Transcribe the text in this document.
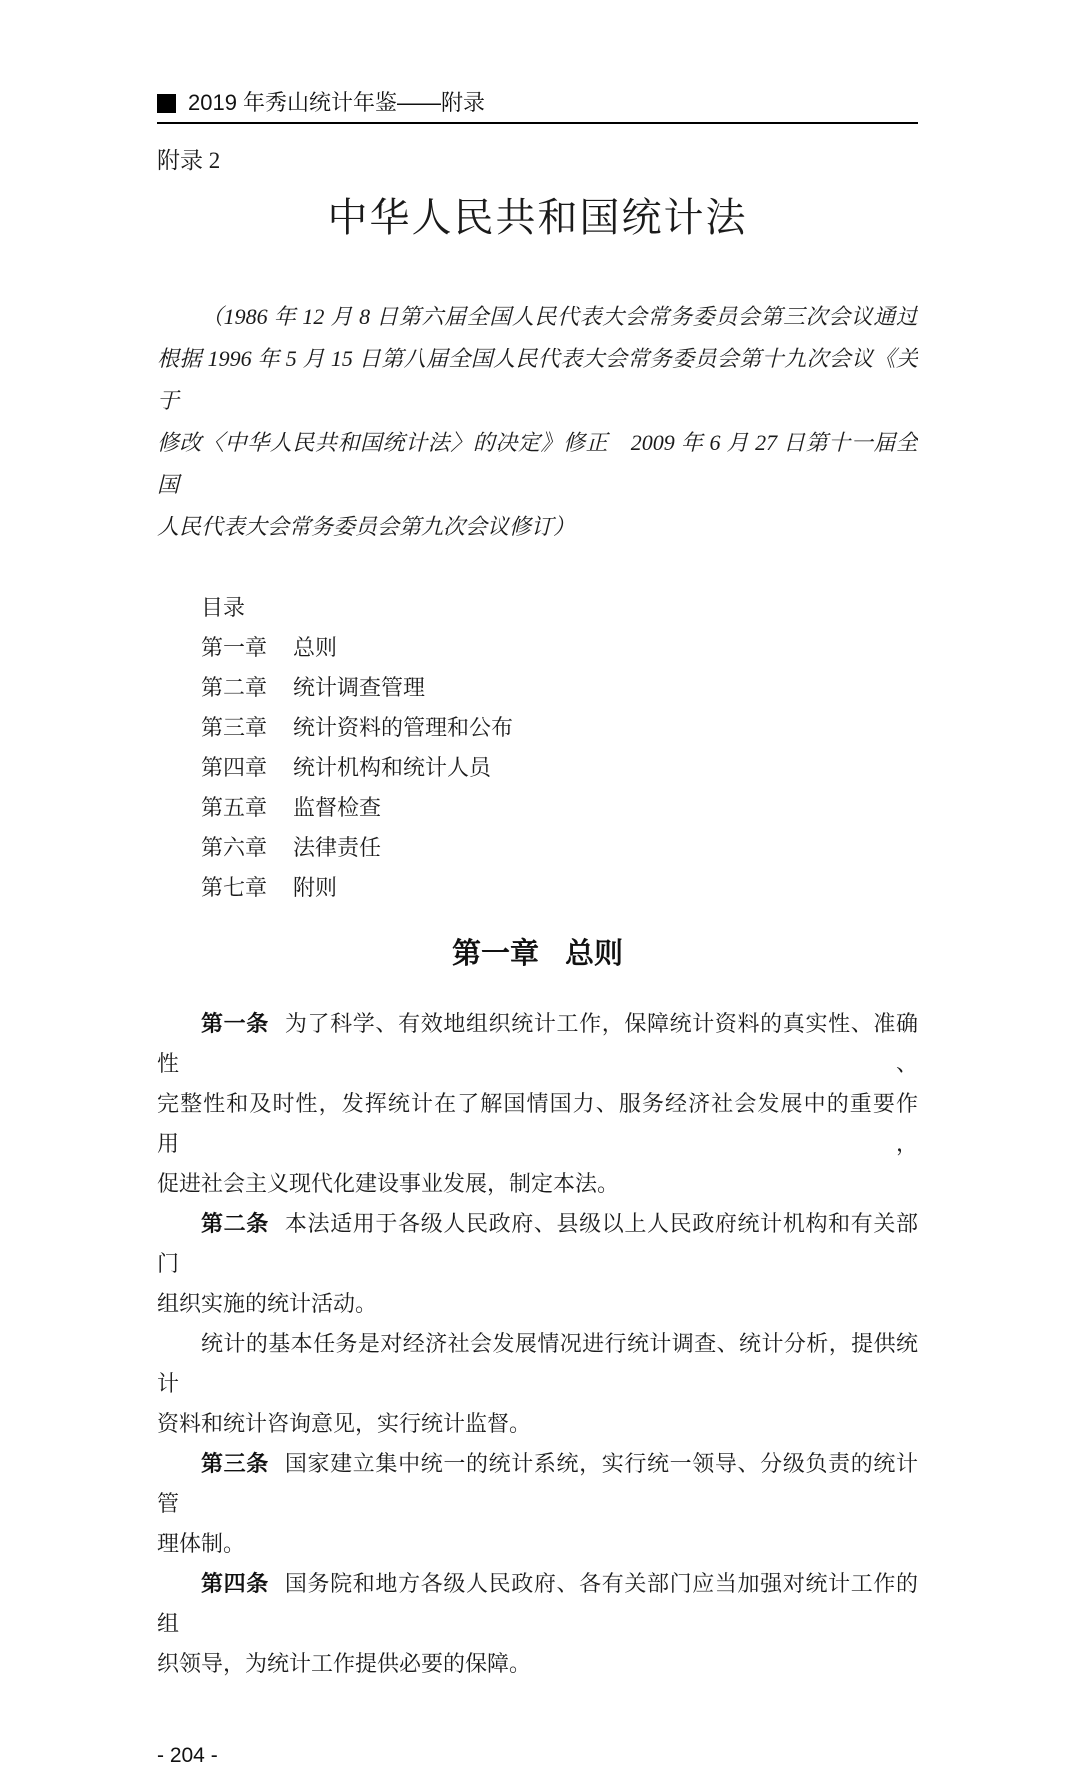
2019 年秀山统计年鉴——附录
附录 2
中华人民共和国统计法
（1986 年 12 月 8 日第六届全国人民代表大会常务委员会第三次会议通过
根据 1996 年 5 月 15 日第八届全国人民代表大会常务委员会第十九次会议《关于
修改〈中华人民共和国统计法〉的决定》修正　2009 年 6 月 27 日第十一届全国
人民代表大会常务委员会第九次会议修订）
目录
第一章 总则
第二章 统计调查管理
第三章 统计资料的管理和公布
第四章 统计机构和统计人员
第五章 监督检查
第六章 法律责任
第七章 附则
第一章 总则
第一条 为了科学、有效地组织统计工作，保障统计资料的真实性、准确性、
完整性和及时性，发挥统计在了解国情国力、服务经济社会发展中的重要作用，
促进社会主义现代化建设事业发展，制定本法。
第二条 本法适用于各级人民政府、县级以上人民政府统计机构和有关部门
组织实施的统计活动。
统计的基本任务是对经济社会发展情况进行统计调查、统计分析，提供统计
资料和统计咨询意见，实行统计监督。
第三条 国家建立集中统一的统计系统，实行统一领导、分级负责的统计管
理体制。
第四条 国务院和地方各级人民政府、各有关部门应当加强对统计工作的组
织领导，为统计工作提供必要的保障。
- 204 -
